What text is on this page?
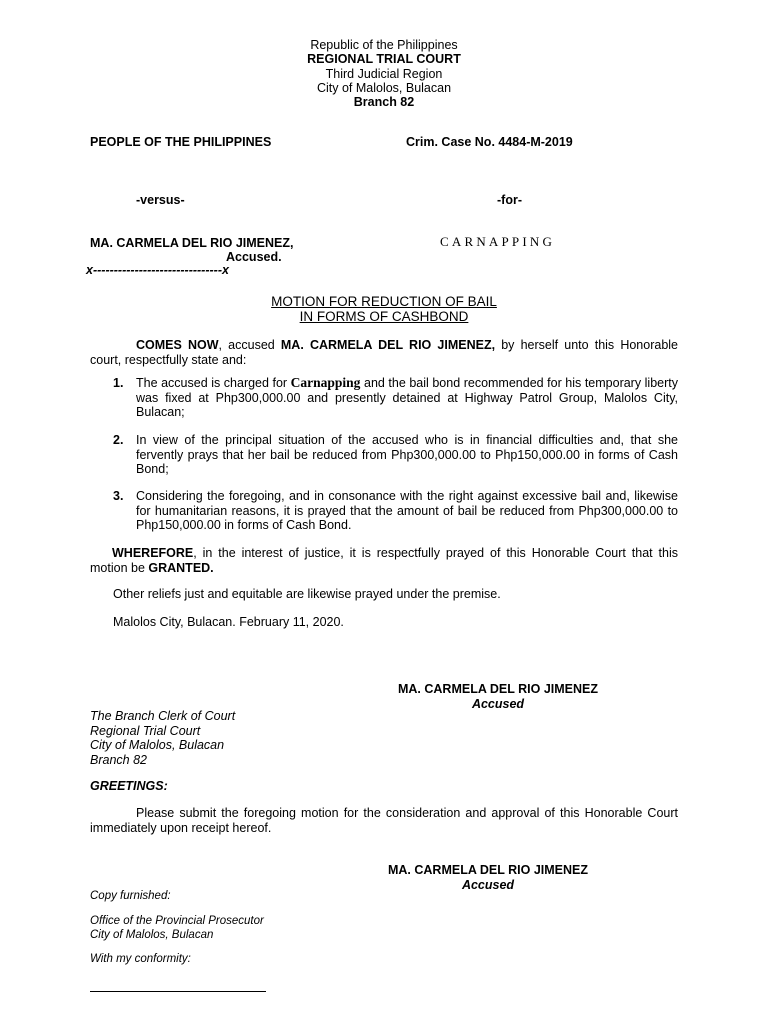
Republic of the Philippines
REGIONAL TRIAL COURT
Third Judicial Region
City of Malolos, Bulacan
Branch 82
PEOPLE OF THE PHILIPPINES	Crim. Case No. 4484-M-2019
-versus-	-for-
MA. CARMELA DEL RIO JIMENEZ,
Accused.
x-------------------------------x
CARNAPPING
MOTION FOR REDUCTION OF BAIL
IN FORMS OF CASHBOND
COMES NOW, accused MA. CARMELA DEL RIO JIMENEZ, by herself unto this Honorable court, respectfully state and:
1. The accused is charged for Carnapping and the bail bond recommended for his temporary liberty was fixed at Php300,000.00 and presently detained at Highway Patrol Group, Malolos City, Bulacan;
2. In view of the principal situation of the accused who is in financial difficulties and, that she fervently prays that her bail be reduced from Php300,000.00 to Php150,000.00 in forms of Cash Bond;
3. Considering the foregoing, and in consonance with the right against excessive bail and, likewise for humanitarian reasons, it is prayed that the amount of bail be reduced from Php300,000.00 to Php150,000.00 in forms of Cash Bond.
WHEREFORE, in the interest of justice, it is respectfully prayed of this Honorable Court that this motion be GRANTED.
Other reliefs just and equitable are likewise prayed under the premise.
Malolos City, Bulacan. February 11, 2020.
MA. CARMELA DEL RIO JIMENEZ
Accused
The Branch Clerk of Court
Regional Trial Court
City of Malolos, Bulacan
Branch 82
GREETINGS:
Please submit the foregoing motion for the consideration and approval of this Honorable Court immediately upon receipt hereof.
MA. CARMELA DEL RIO JIMENEZ
Accused
Copy furnished:
Office of the Provincial Prosecutor
City of Malolos, Bulacan
With my conformity:
